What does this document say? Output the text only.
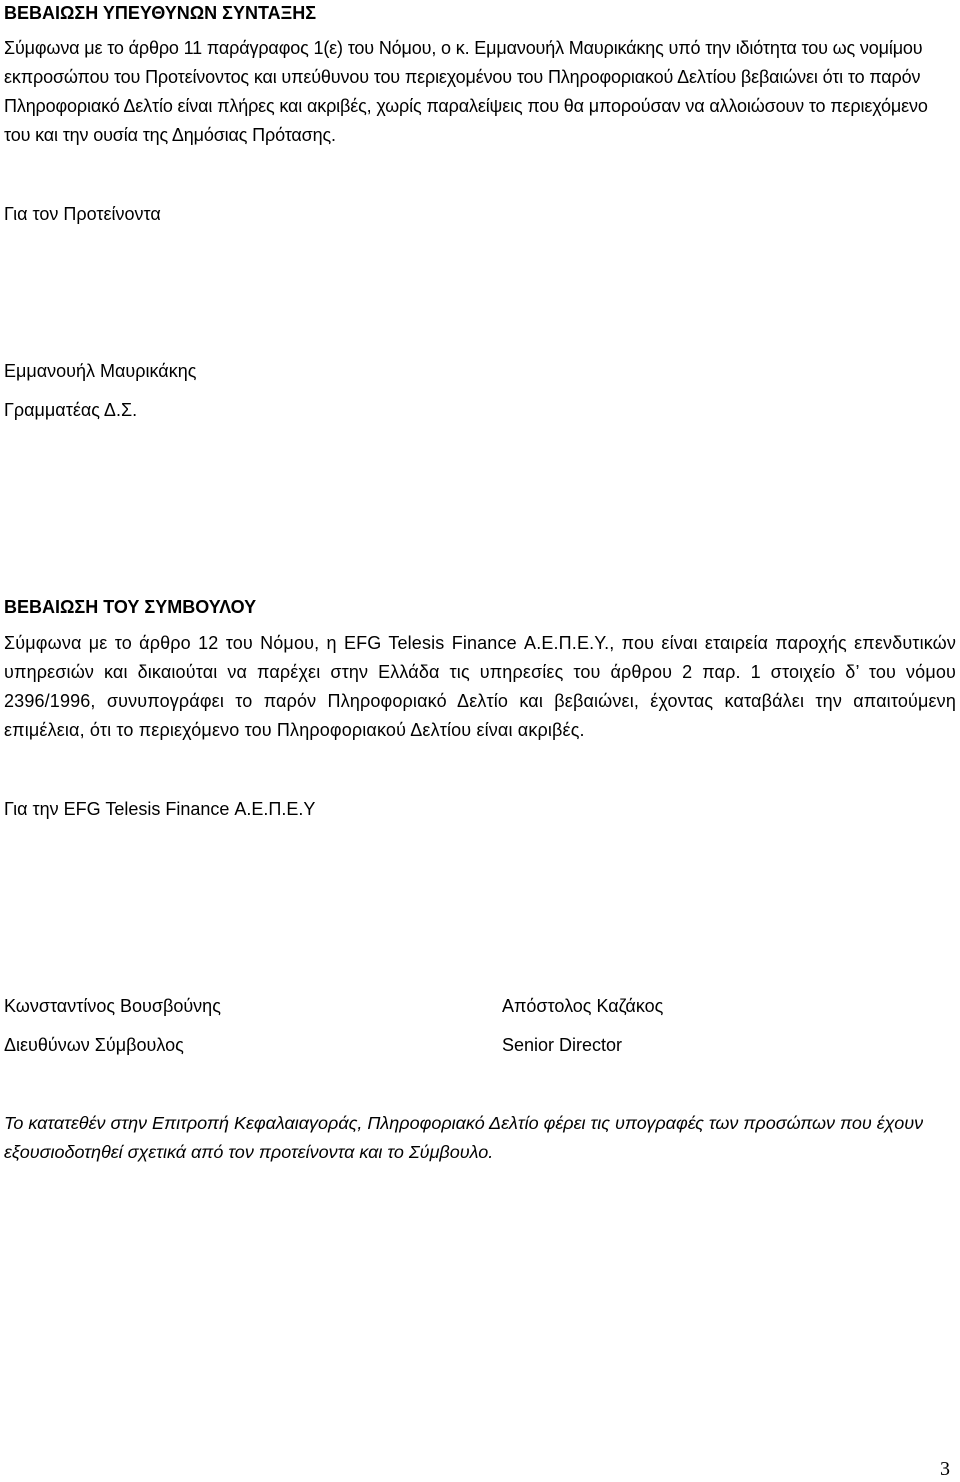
ΒΕΒΑΙΩΣΗ ΥΠΕΥΘΥΝΩΝ ΣΥΝΤΑΞΗΣ
Σύμφωνα με το άρθρο 11 παράγραφος 1(ε) του Νόμου, ο κ. Εμμανουήλ Μαυρικάκης υπό την ιδιότητα του ως νομίμου
εκπροσώπου του Προτείνοντος και υπεύθυνου του περιεχομένου του Πληροφοριακού Δελτίου βεβαιώνει ότι το παρόν
Πληροφοριακό Δελτίο είναι πλήρες και ακριβές, χωρίς παραλείψεις που θα μπορούσαν να αλλοιώσουν το περιεχόμενο
του και την ουσία της Δημόσιας Πρότασης.
Για τον Προτείνοντα
Εμμανουήλ Μαυρικάκης
Γραμματέας Δ.Σ.
ΒΕΒΑΙΩΣΗ ΤΟΥ ΣΥΜΒΟΥΛΟΥ
Σύμφωνα με το άρθρο 12 του Νόμου, η EFG Telesis Finance Α.Ε.Π.Ε.Υ., που είναι εταιρεία παροχής επενδυτικών υπηρεσιών και δικαιούται να παρέχει στην Ελλάδα τις υπηρεσίες του άρθρου 2 παρ. 1 στοιχείο δ’ του νόμου 2396/1996, συνυπογράφει το παρόν Πληροφοριακό Δελτίο και βεβαιώνει, έχοντας καταβάλει την απαιτούμενη επιμέλεια, ότι το περιεχόμενο του Πληροφοριακού Δελτίου είναι ακριβές.
Για την EFG Telesis Finance Α.Ε.Π.Ε.Υ
Κωνσταντίνος Βουσβούνης
Διευθύνων Σύμβουλος
Απόστολος Καζάκος
Senior Director
Το κατατεθέν στην Επιτροπή Κεφαλαιαγοράς, Πληροφοριακό Δελτίο φέρει τις υπογραφές των προσώπων που έχουν εξουσιοδοτηθεί σχετικά από τον προτείνοντα και το Σύμβουλο.
3
